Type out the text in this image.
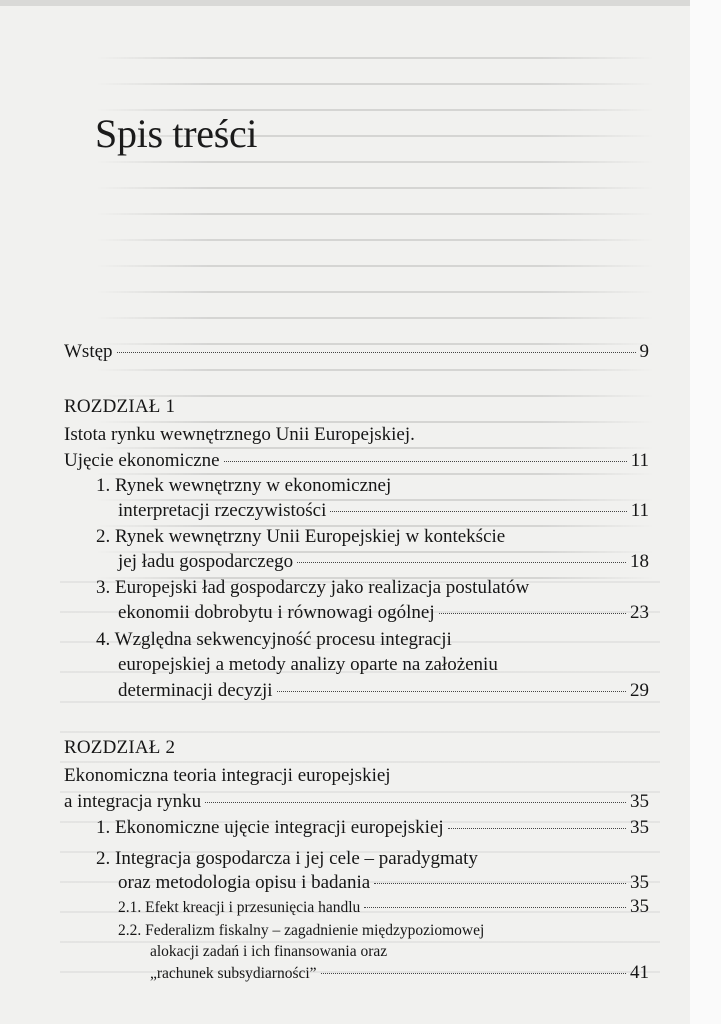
Spis treści
Wstęp	9
ROZDZIAŁ 1
Istota rynku wewnętrznego Unii Europejskiej.
Ujęcie ekonomiczne	11
1. Rynek wewnętrzny w ekonomicznej
interpretacji rzeczywistości	11
2. Rynek wewnętrzny Unii Europejskiej w kontekście
jej ładu gospodarczego	18
3. Europejski ład gospodarczy jako realizacja postulatów
ekonomii dobrobytu i równowagi ogólnej	23
4. Względna sekwencyjność procesu integracji
europejskiej a metody analizy oparte na założeniu
determinacji decyzji	29
ROZDZIAŁ 2
Ekonomiczna teoria integracji europejskiej
a integracja rynku	35
1. Ekonomiczne ujęcie integracji europejskiej	35
2. Integracja gospodarcza i jej cele – paradygmaty
oraz metodologia opisu i badania	35
2.1. Efekt kreacji i przesunięcia handlu	35
2.2. Federalizm fiskalny – zagadnienie międzypoziomowej
alokacji zadań i ich finansowania oraz
„rachunek subsydiarności”	41
